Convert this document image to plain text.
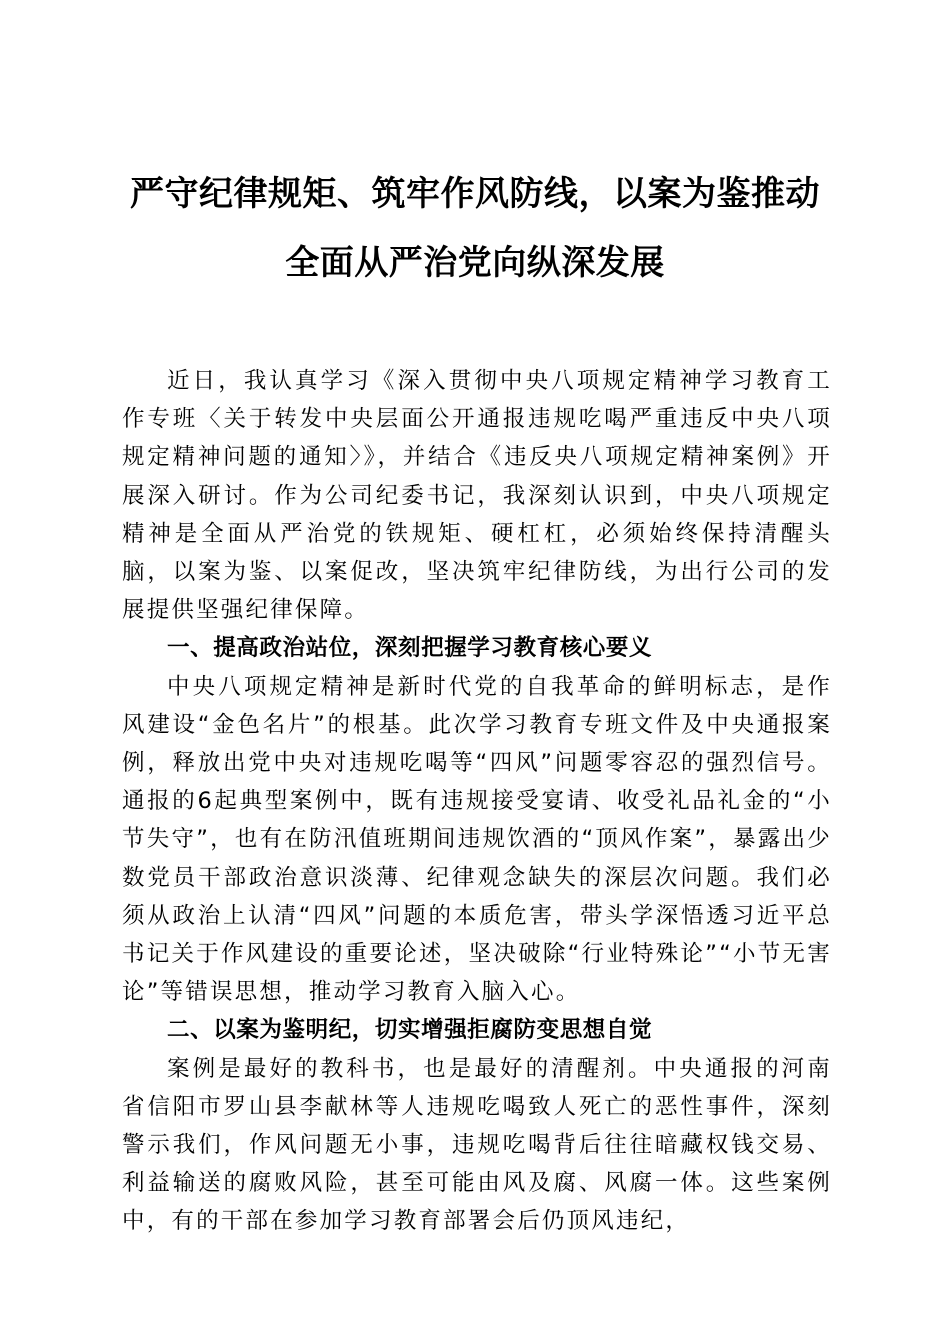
严守纪律规矩、筑牢作风防线，以案为鉴推动
全面从严治党向纵深发展

近日，我认真学习《深入贯彻中央八项规定精神学习教育工作专班〈关于转发中央层面公开通报违规吃喝严重违反中央八项规定精神问题的通知〉》，并结合《违反央八项规定精神案例》开展深入研讨。作为公司纪委书记，我深刻认识到，中央八项规定精神是全面从严治党的铁规矩、硬杠杠，必须始终保持清醒头脑，以案为鉴、以案促改，坚决筑牢纪律防线，为出行公司的发展提供坚强纪律保障。

一、提高政治站位，深刻把握学习教育核心要义

中央八项规定精神是新时代党的自我革命的鲜明标志，是作风建设“金色名片”的根基。此次学习教育专班文件及中央通报案例，释放出党中央对违规吃喝等“四风”问题零容忍的强烈信号。通报的6起典型案例中，既有违规接受宴请、收受礼品礼金的“小节失守”，也有在防汛值班期间违规饮酒的“顶风作案”，暴露出少数党员干部政治意识淡薄、纪律观念缺失的深层次问题。我们必须从政治上认清“四风”问题的本质危害，带头学深悟透习近平总书记关于作风建设的重要论述，坚决破除“行业特殊论”“小节无害论”等错误思想，推动学习教育入脑入心。

二、以案为鉴明纪，切实增强拒腐防变思想自觉

案例是最好的教科书，也是最好的清醒剂。中央通报的河南省信阳市罗山县李献林等人违规吃喝致人死亡的恶性事件，深刻警示我们，作风问题无小事，违规吃喝背后往往暗藏权钱交易、利益输送的腐败风险，甚至可能由风及腐、风腐一体。这些案例中，有的干部在参加学习教育部署会后仍顶风违纪，
